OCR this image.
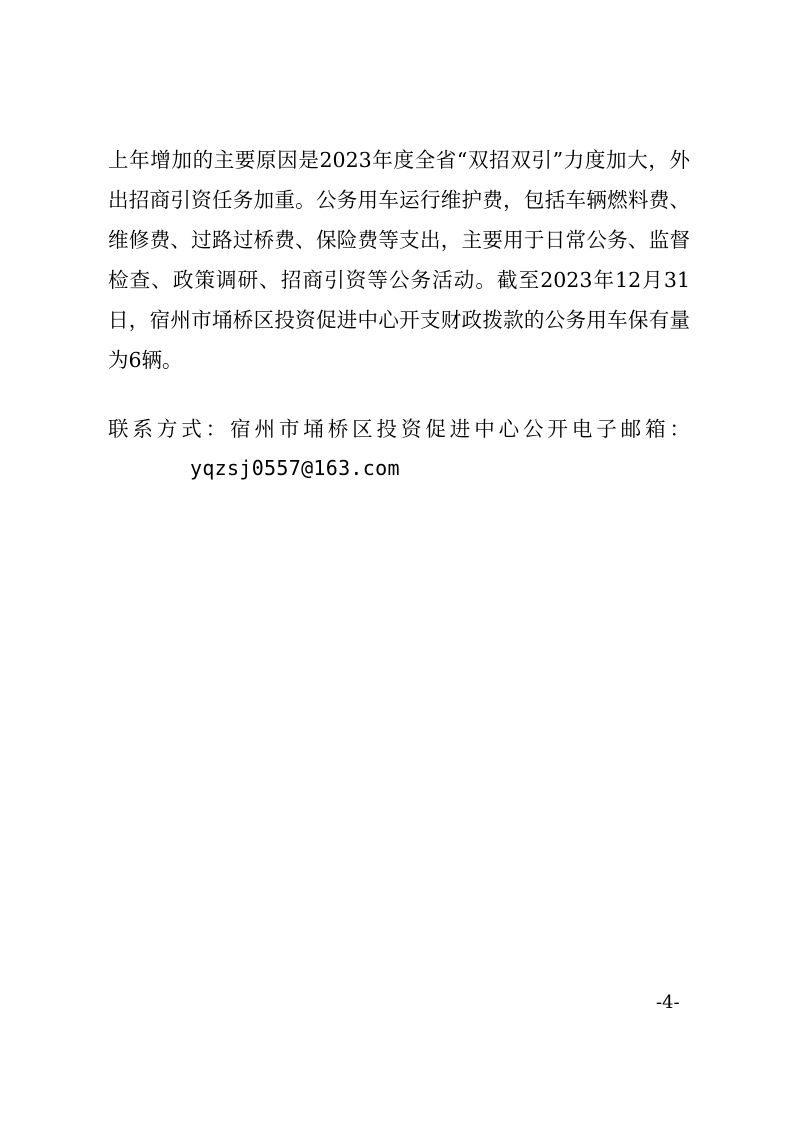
上年增加的主要原因是2023年度全省“双招双引”力度加大，外
出招商引资任务加重。公务用车运行维护费，包括车辆燃料费、
维修费、过路过桥费、保险费等支出，主要用于日常公务、监督
检查、政策调研、招商引资等公务活动。截至2023年12月31
日，宿州市埇桥区投资促进中心开支财政拨款的公务用车保有量
为6辆。
联系方式：宿州市埇桥区投资促进中心公开电子邮箱：
yqzsj0557@163.com
-4-
